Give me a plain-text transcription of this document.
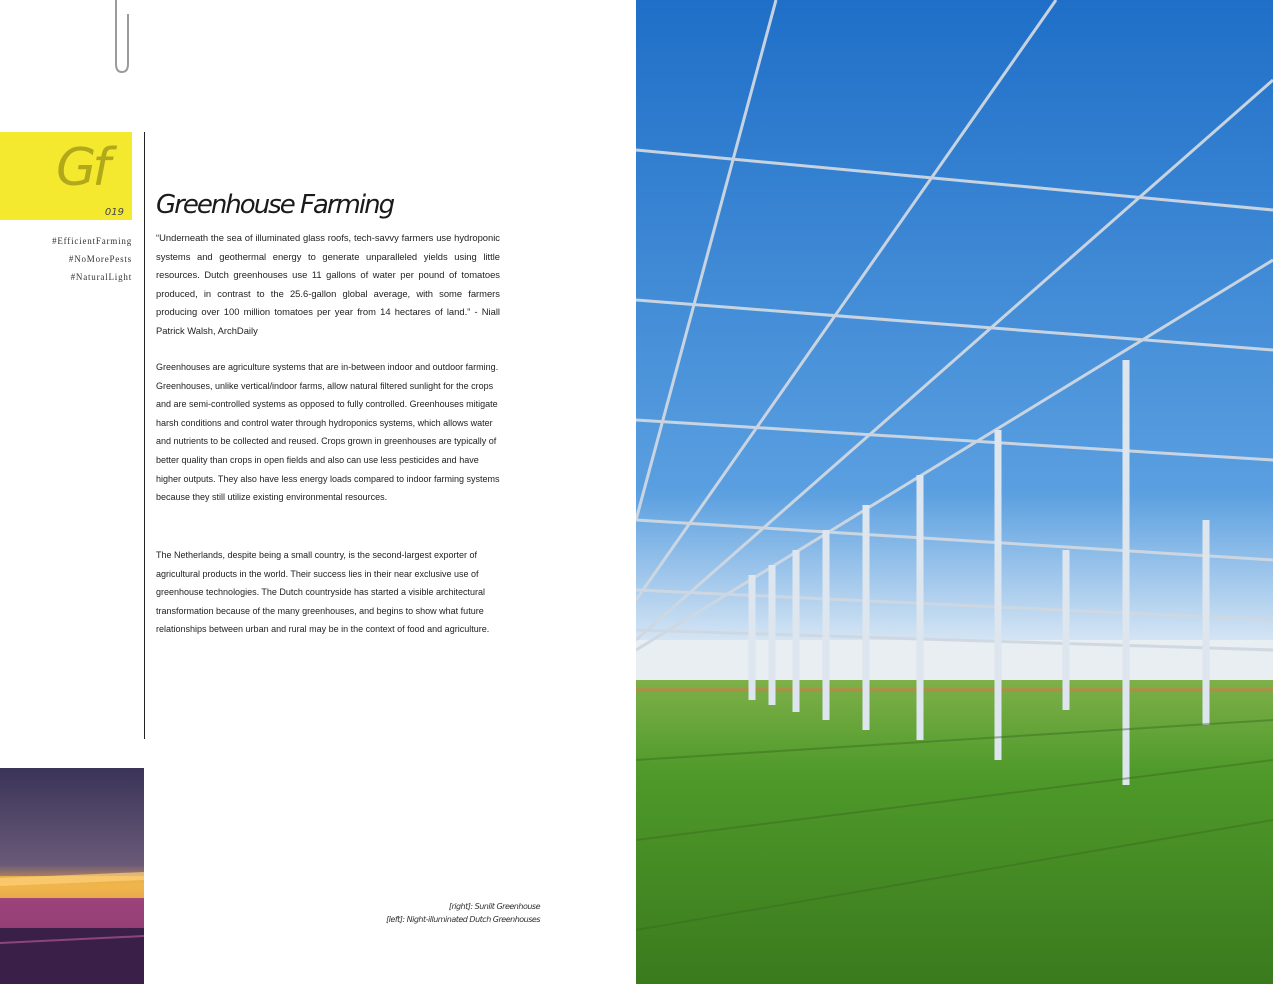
Gf
019
#EfficientFarming
#NoMorePests
#NaturalLight
Greenhouse Farming

“Underneath the sea of illuminated glass roofs, tech-savvy farmers use hydroponic systems and geothermal energy to generate unparalleled yields using little resources. Dutch greenhouses use 11 gallons of water per pound of tomatoes produced, in contrast to the 25.6-gallon global average, with some farmers producing over 100 million tomatoes per year from 14 hectares of land.” - Niall Patrick Walsh, ArchDaily

Greenhouses are agriculture systems that are in-between indoor and outdoor farming. Greenhouses, unlike vertical/indoor farms, allow natural filtered sunlight for the crops and are semi-controlled systems as opposed to fully controlled. Greenhouses mitigate harsh conditions and control water through hydroponics systems, which allows water and nutrients to be collected and reused. Crops grown in greenhouses are typically of better quality than crops in open fields and also can use less pesticides and have higher outputs. They also have less energy loads compared to indoor farming systems because they still utilize existing environmental resources.

The Netherlands, despite being a small country, is the second-largest exporter of agricultural products in the world. Their success lies in their near exclusive use of greenhouse technologies. The Dutch countryside has started a visible architectural transformation because of the many greenhouses, and begins to show what future relationships between urban and rural may be in the context of food and agriculture.

[right]: Sunlit Greenhouse
[left]: Night-illuminated Dutch Greenhouses
